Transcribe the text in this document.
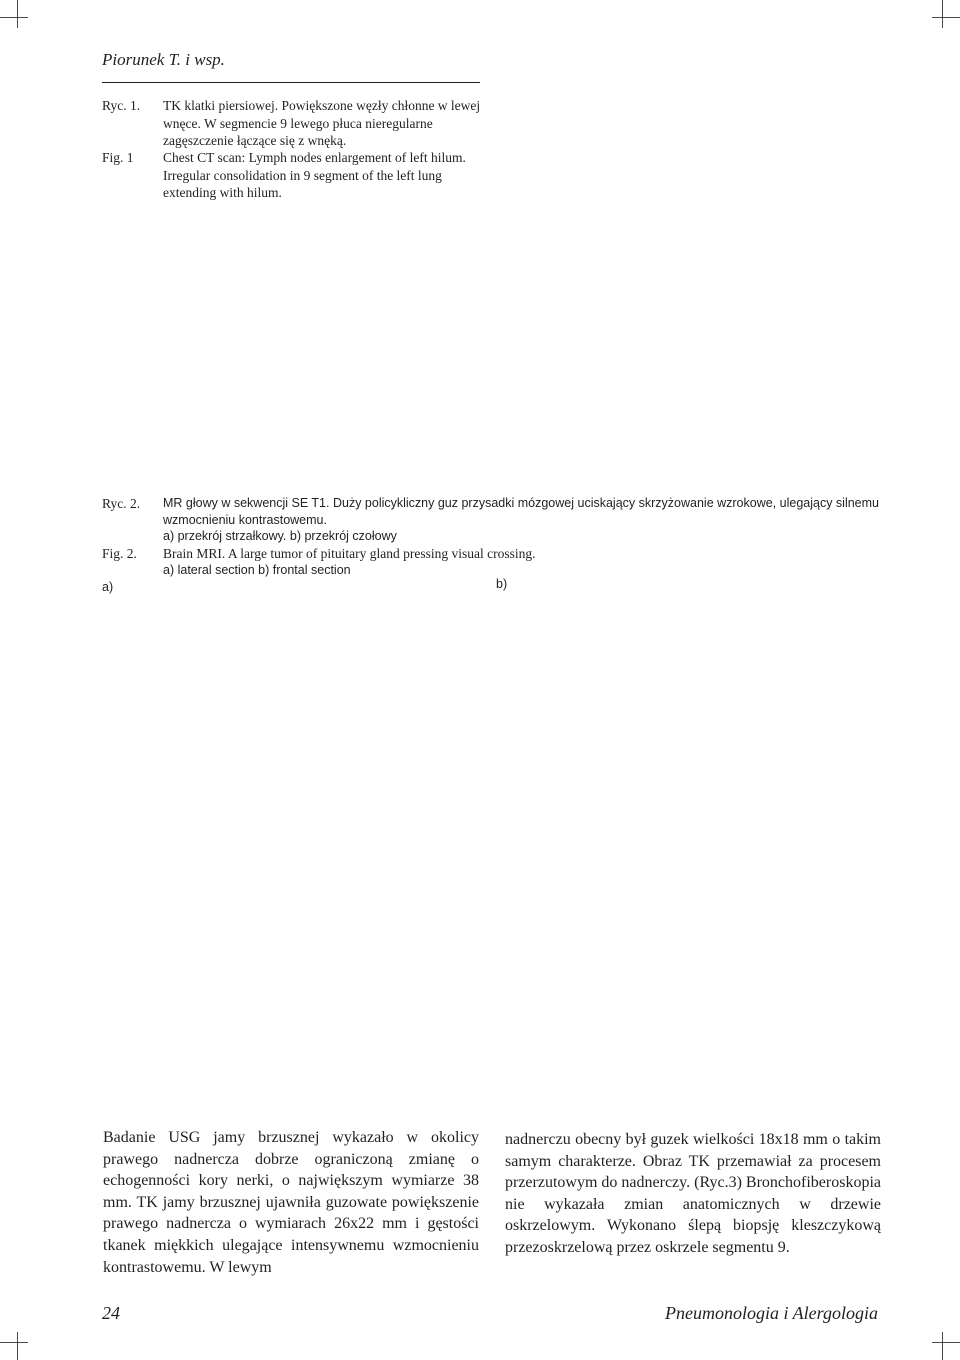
Piorunek T. i wsp.
Ryc. 1.
Fig. 1
TK klatki piersiowej. Powiększone węzły chłonne w lewej wnęce. W segmencie 9 lewego płuca nieregularne zagęszczenie łączące się z wnęką.
Chest CT scan: Lymph nodes enlargement of left hilum. Irregular consolidation in 9 segment of the left lung extending with hilum.
Ryc. 2.
Fig. 2.
MR głowy w sekwencji SE T1. Duży policykliczny guz przysadki mózgowej uciskający skrzyżowanie wzrokowe, ulegający silnemu wzmocnieniu kontrastowemu.
a) przekrój strzałkowy. b) przekrój czołowy
Brain MRI. A large tumor of pituitary gland pressing visual crossing.
a) lateral section b) frontal section
a)	b)
Badanie USG jamy brzusznej wykazało w okolicy prawego nadnercza dobrze ograniczoną zmianę o echogenności kory nerki, o największym wymiarze 38 mm. TK jamy brzusznej ujawniła guzowate powiększenie prawego nadnercza o wymiarach 26x22 mm i gęstości tkanek miękkich ulegające intensywnemu wzmocnieniu kontrastowemu. W lewym
nadnerczu obecny był guzek wielkości 18x18 mm o takim samym charakterze. Obraz TK przemawiał za procesem przerzutowym do nadnerczy. (Ryc.3) Bronchofiberoskopia nie wykazała zmian anatomicznych w drzewie oskrzelowym. Wykonano ślepą biopsję kleszczykową przezoskrzelową przez oskrzele segmentu 9.
24	Pneumonologia i Alergologia
